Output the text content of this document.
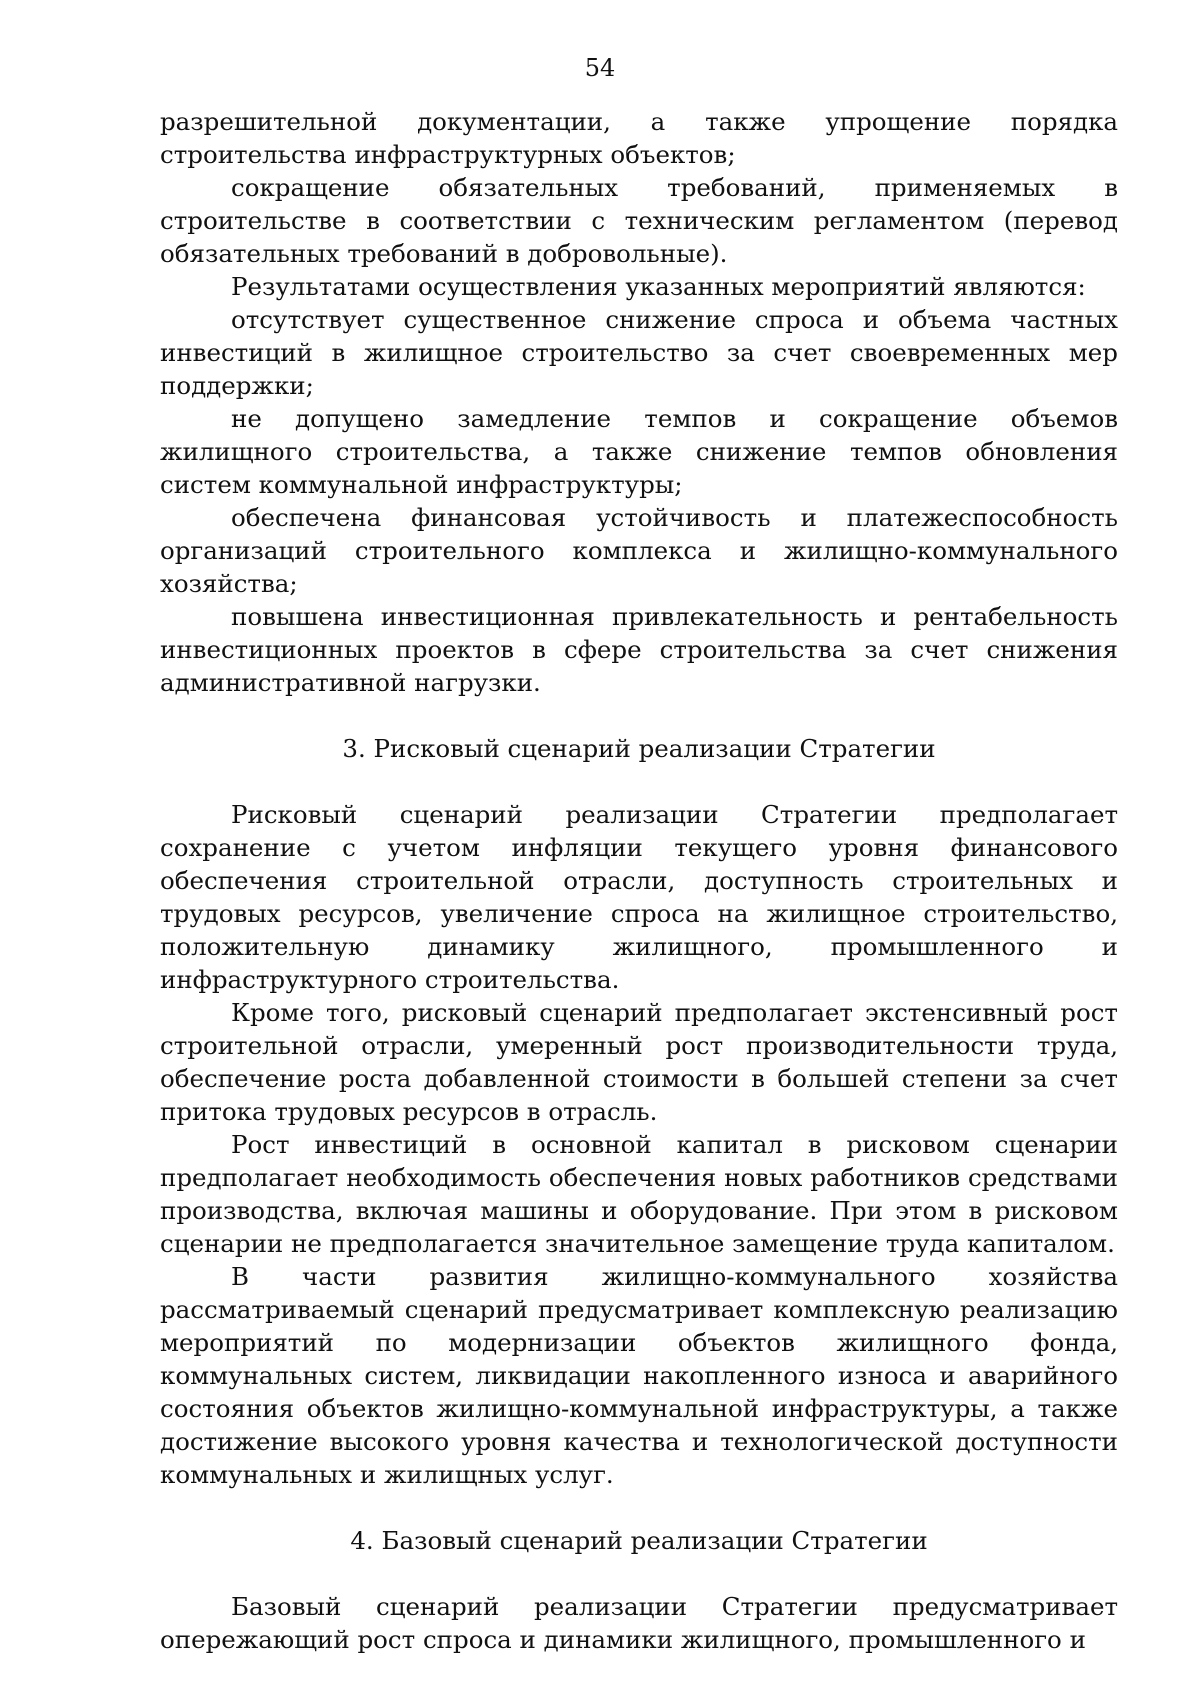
54

разрешительной документации, а также упрощение порядка строительства инфраструктурных объектов;

сокращение обязательных требований, применяемых в строительстве в соответствии с техническим регламентом (перевод обязательных требований в добровольные).

Результатами осуществления указанных мероприятий являются:

отсутствует существенное снижение спроса и объема частных инвестиций в жилищное строительство за счет своевременных мер поддержки;

не допущено замедление темпов и сокращение объемов жилищного строительства, а также снижение темпов обновления систем коммунальной инфраструктуры;

обеспечена финансовая устойчивость и платежеспособность организаций строительного комплекса и жилищно-коммунального хозяйства;

повышена инвестиционная привлекательность и рентабельность инвестиционных проектов в сфере строительства за счет снижения административной нагрузки.

3. Рисковый сценарий реализации Стратегии

Рисковый сценарий реализации Стратегии предполагает сохранение с учетом инфляции текущего уровня финансового обеспечения строительной отрасли, доступность строительных и трудовых ресурсов, увеличение спроса на жилищное строительство, положительную динамику жилищного, промышленного и инфраструктурного строительства.

Кроме того, рисковый сценарий предполагает экстенсивный рост строительной отрасли, умеренный рост производительности труда, обеспечение роста добавленной стоимости в большей степени за счет притока трудовых ресурсов в отрасль.

Рост инвестиций в основной капитал в рисковом сценарии предполагает необходимость обеспечения новых работников средствами производства, включая машины и оборудование. При этом в рисковом сценарии не предполагается значительное замещение труда капиталом.

В части развития жилищно-коммунального хозяйства рассматриваемый сценарий предусматривает комплексную реализацию мероприятий по модернизации объектов жилищного фонда, коммунальных систем, ликвидации накопленного износа и аварийного состояния объектов жилищно-коммунальной инфраструктуры, а также достижение высокого уровня качества и технологической доступности коммунальных и жилищных услуг.

4. Базовый сценарий реализации Стратегии

Базовый сценарий реализации Стратегии предусматривает опережающий рост спроса и динамики жилищного, промышленного и
